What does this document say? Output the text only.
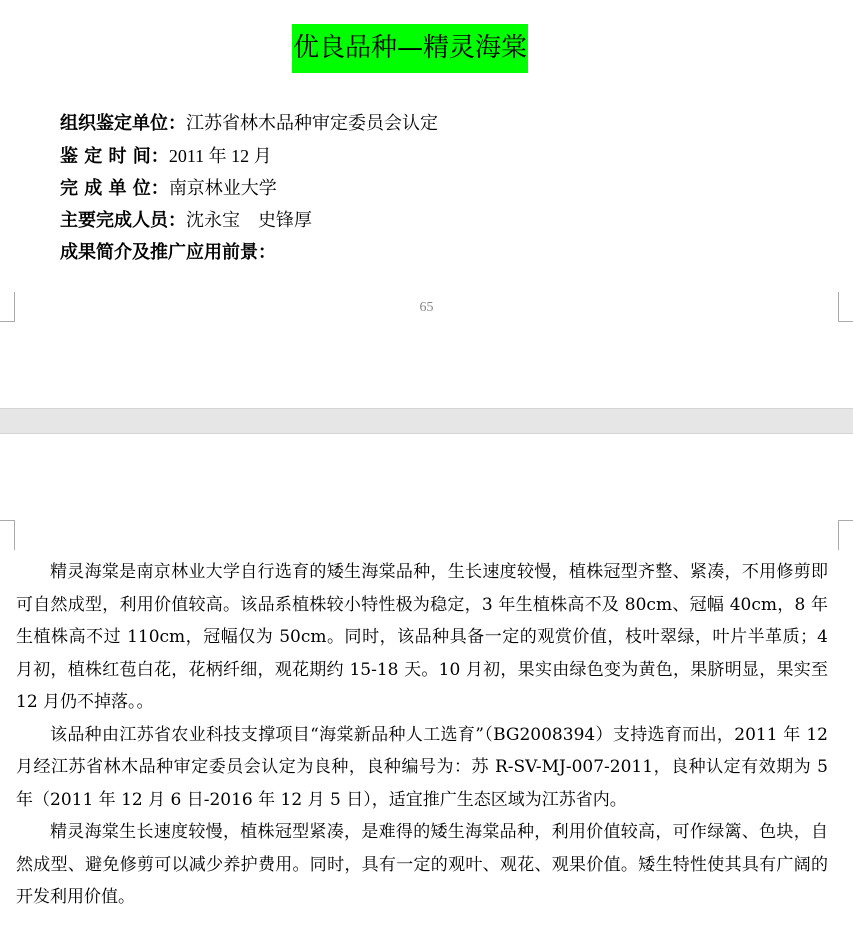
优良品种—精灵海棠
组织鉴定单位：江苏省林木品种审定委员会认定
鉴 定 时 间：2011 年 12 月
完 成 单 位：南京林业大学
主要完成人员：沈永宝　史锋厚
成果简介及推广应用前景：
65

精灵海棠是南京林业大学自行选育的矮生海棠品种，生长速度较慢，植株冠型齐整、紧凑，不用修剪即可自然成型，利用价值较高。该品系植株较小特性极为稳定，3 年生植株高不及 80cm、冠幅 40cm，8 年生植株高不过 110cm，冠幅仅为 50cm。同时，该品种具备一定的观赏价值，枝叶翠绿，叶片半革质；4 月初，植株红苞白花，花柄纤细，观花期约 15-18 天。10 月初，果实由绿色变为黄色，果脐明显，果实至 12 月仍不掉落。。

该品种由江苏省农业科技支撑项目“海棠新品种人工选育”（BG2008394）支持选育而出，2011 年 12 月经江苏省林木品种审定委员会认定为良种，良种编号为：苏 R-SV-MJ-007-2011，良种认定有效期为 5 年（2011 年 12 月 6 日-2016 年 12 月 5 日），适宜推广生态区域为江苏省内。

精灵海棠生长速度较慢，植株冠型紧凑，是难得的矮生海棠品种，利用价值较高，可作绿篱、色块，自然成型、避免修剪可以减少养护费用。同时，具有一定的观叶、观花、观果价值。矮生特性使其具有广阔的开发利用价值。
